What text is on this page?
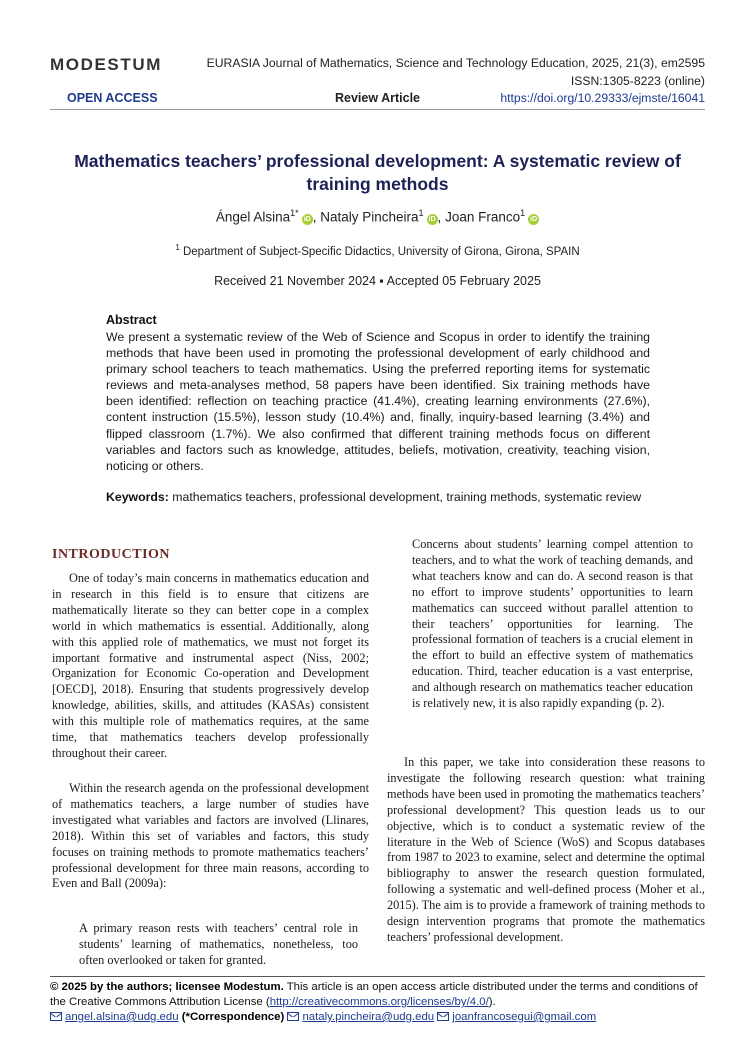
MODESTUM	EURASIA Journal of Mathematics, Science and Technology Education, 2025, 21(3), em2595
ISSN:1305-8223 (online)
OPEN ACCESS	Review Article	https://doi.org/10.29333/ejmste/16041
Mathematics teachers’ professional development: A systematic review of training methods
Ángel Alsina$^{1*}$iD , Nataly Pincheira$^1$iD , Joan Franco$^1$iD
$^1$ Department of Subject-Specific Didactics, University of Girona, Girona, SPAIN
Received 21 November 2024 ▪ Accepted 05 February 2025
Abstract
We present a systematic review of the Web of Science and Scopus in order to identify the training methods that have been used in promoting the professional development of early childhood and primary school teachers to teach mathematics. Using the preferred reporting items for systematic reviews and meta-analyses method, 58 papers have been identified. Six training methods have been identified: reflection on teaching practice (41.4%), creating learning environments (27.6%), content instruction (15.5%), lesson study (10.4%) and, finally, inquiry-based learning (3.4%) and flipped classroom (1.7%). We also confirmed that different training methods focus on different variables and factors such as knowledge, attitudes, beliefs, motivation, creativity, teaching vision, noticing or others.
Keywords: mathematics teachers, professional development, training methods, systematic review
INTRODUCTION

One of today’s main concerns in mathematics education and in research in this field is to ensure that citizens are mathematically literate so they can better cope in a complex world in which mathematics is essential. Additionally, along with this applied role of mathematics, we must not forget its important formative and instrumental aspect (Niss, 2002; Organization for Economic Co-operation and Development [OECD], 2018). Ensuring that students progressively develop knowledge, abilities, skills, and attitudes (KASAs) consistent with this multiple role of mathematics requires, at the same time, that mathematics teachers develop professionally throughout their career.

Within the research agenda on the professional development of mathematics teachers, a large number of studies have investigated what variables and factors are involved (Llinares, 2018). Within this set of variables and factors, this study focuses on training methods to promote mathematics teachers’ professional development for three main reasons, according to Even and Ball (2009a):

A primary reason rests with teachers’ central role in students’ learning of mathematics, nonetheless, too often overlooked or taken for granted.

Concerns about students’ learning compel attention to teachers, and to what the work of teaching demands, and what teachers know and can do. A second reason is that no effort to improve students’ opportunities to learn mathematics can succeed without parallel attention to their teachers’ opportunities for learning. The professional formation of teachers is a crucial element in the effort to build an effective system of mathematics education. Third, teacher education is a vast enterprise, and although research on mathematics teacher education is relatively new, it is also rapidly expanding (p. 2).

In this paper, we take into consideration these reasons to investigate the following research question: what training methods have been used in promoting the mathematics teachers’ professional development? This question leads us to our objective, which is to conduct a systematic review of the literature in the Web of Science (WoS) and Scopus databases from 1987 to 2023 to examine, select and determine the optimal bibliography to answer the research question formulated, following a systematic and well-defined process (Moher et al., 2015). The aim is to provide a framework of training methods to design intervention programs that promote the mathematics teachers’ professional development.

© 2025 by the authors; licensee Modestum. This article is an open access article distributed under the terms and conditions of the Creative Commons Attribution License (http://creativecommons.org/licenses/by/4.0/).
angel.alsina@udg.edu (*Correspondence) nataly.pincheira@udg.edu joanfrancosegui@gmail.com
